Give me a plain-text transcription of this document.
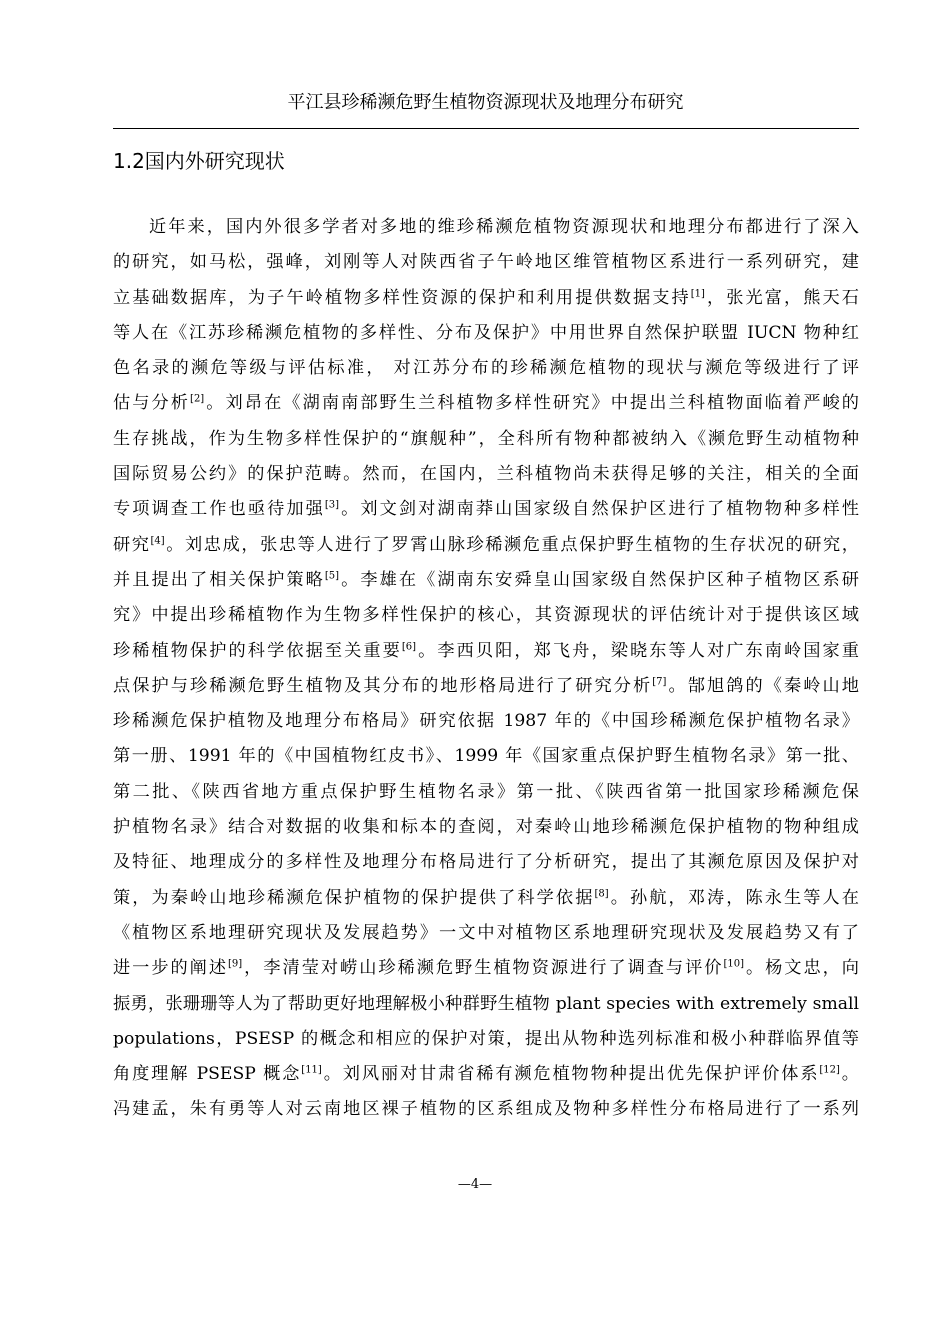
平江县珍稀濒危野生植物资源现状及地理分布研究
1.2国内外研究现状
近年来，国内外很多学者对多地的维珍稀濒危植物资源现状和地理分布都进行了深入
的研究，如马松，强峰，刘刚等人对陕西省子午岭地区维管植物区系进行一系列研究，建
立基础数据库，为子午岭植物多样性资源的保护和利用提供数据支持[1]，张光富，熊天石
等人在《江苏珍稀濒危植物的多样性、分布及保护》中用世界自然保护联盟 IUCN 物种红
色名录的濒危等级与评估标准， 对江苏分布的珍稀濒危植物的现状与濒危等级进行了评
估与分析[2]。刘昂在《湖南南部野生兰科植物多样性研究》中提出兰科植物面临着严峻的
生存挑战，作为生物多样性保护的“旗舰种”，全科所有物种都被纳入《濒危野生动植物种
国际贸易公约》的保护范畴。然而，在国内，兰科植物尚未获得足够的关注，相关的全面
专项调查工作也亟待加强[3]。刘文剑对湖南莽山国家级自然保护区进行了植物物种多样性
研究[4]。刘忠成，张忠等人进行了罗霄山脉珍稀濒危重点保护野生植物的生存状况的研究，
并且提出了相关保护策略[5]。李雄在《湖南东安舜皇山国家级自然保护区种子植物区系研
究》中提出珍稀植物作为生物多样性保护的核心，其资源现状的评估统计对于提供该区域
珍稀植物保护的科学依据至关重要[6]。李西贝阳，郑飞舟，梁晓东等人对广东南岭国家重
点保护与珍稀濒危野生植物及其分布的地形格局进行了研究分析[7]。郜旭鸽的《秦岭山地
珍稀濒危保护植物及地理分布格局》研究依据 1987 年的《中国珍稀濒危保护植物名录》
第一册、1991 年的《中国植物红皮书》、1999 年《国家重点保护野生植物名录》第一批、
第二批、《陕西省地方重点保护野生植物名录》第一批、《陕西省第一批国家珍稀濒危保
护植物名录》结合对数据的收集和标本的查阅，对秦岭山地珍稀濒危保护植物的物种组成
及特征、地理成分的多样性及地理分布格局进行了分析研究，提出了其濒危原因及保护对
策，为秦岭山地珍稀濒危保护植物的保护提供了科学依据[8]。孙航，邓涛，陈永生等人在
《植物区系地理研究现状及发展趋势》一文中对植物区系地理研究现状及发展趋势又有了
进一步的阐述[9]，李清莹对崂山珍稀濒危野生植物资源进行了调查与评价[10]。杨文忠，向
振勇，张珊珊等人为了帮助更好地理解极小种群野生植物 plant species with extremely small
populations，PSESP 的概念和相应的保护对策，提出从物种选列标准和极小种群临界值等
角度理解 PSESP 概念[11]。刘风丽对甘肃省稀有濒危植物物种提出优先保护评价体系[12]。
冯建孟，朱有勇等人对云南地区裸子植物的区系组成及物种多样性分布格局进行了一系列
—4—
